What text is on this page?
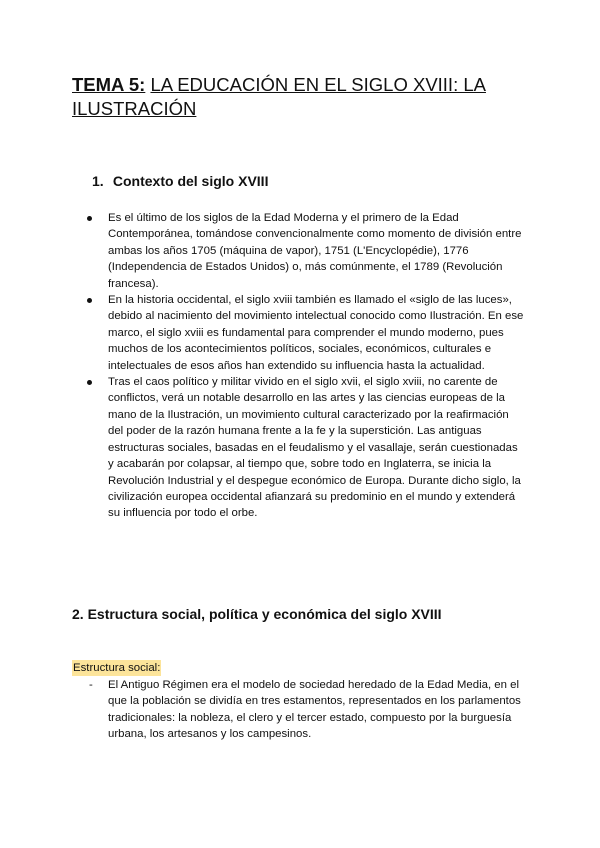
TEMA 5: LA EDUCACIÓN EN EL SIGLO XVIII: LA ILUSTRACIÓN
1. Contexto del siglo XVIII
Es el último de los siglos de la Edad Moderna y el primero de la Edad Contemporánea, tomándose convencionalmente como momento de división entre ambas los años 1705 (máquina de vapor), 1751 (L'Encyclopédie), 1776 (Independencia de Estados Unidos) o, más comúnmente, el 1789 (Revolución francesa).
En la historia occidental, el siglo xviii también es llamado el «siglo de las luces», debido al nacimiento del movimiento intelectual conocido como Ilustración. En ese marco, el siglo xviii es fundamental para comprender el mundo moderno, pues muchos de los acontecimientos políticos, sociales, económicos, culturales e intelectuales de esos años han extendido su influencia hasta la actualidad.
Tras el caos político y militar vivido en el siglo xvii, el siglo xviii, no carente de conflictos, verá un notable desarrollo en las artes y las ciencias europeas de la mano de la Ilustración, un movimiento cultural caracterizado por la reafirmación del poder de la razón humana frente a la fe y la superstición. Las antiguas estructuras sociales, basadas en el feudalismo y el vasallaje, serán cuestionadas y acabarán por colapsar, al tiempo que, sobre todo en Inglaterra, se inicia la Revolución Industrial y el despegue económico de Europa. Durante dicho siglo, la civilización europea occidental afianzará su predominio en el mundo y extenderá su influencia por todo el orbe.
2. Estructura social, política y económica del siglo XVIII
Estructura social:
- El Antiguo Régimen era el modelo de sociedad heredado de la Edad Media, en el que la población se dividía en tres estamentos, representados en los parlamentos tradicionales: la nobleza, el clero y el tercer estado, compuesto por la burguesía urbana, los artesanos y los campesinos.
